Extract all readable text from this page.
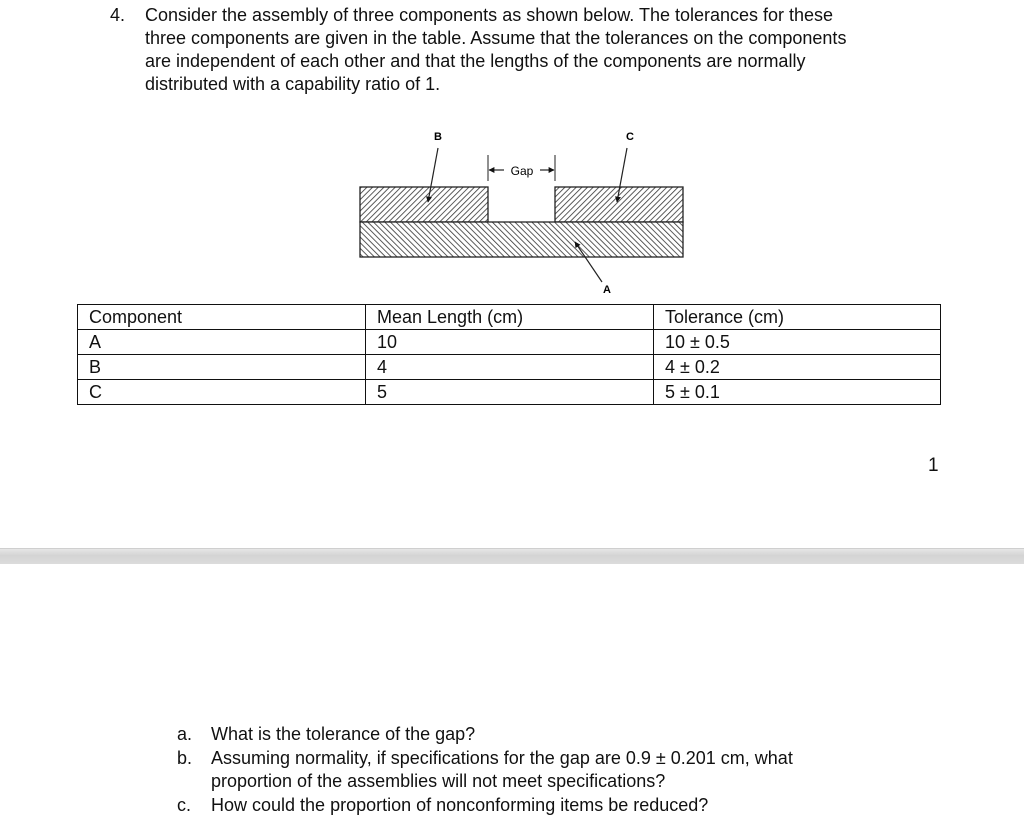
4. Consider the assembly of three components as shown below. The tolerances for these
three components are given in the table. Assume that the tolerances on the components
are independent of each other and that the lengths of the components are normally
distributed with a capability ratio of 1.
B	C
A
Gap
Component	Mean Length (cm)	Tolerance (cm)
A	10	10 ± 0.5
B	4	4 ± 0.2
C	5	5 ± 0.1
1
a. What is the tolerance of the gap?
b. Assuming normality, if specifications for the gap are 0.9 ± 0.201 cm, what
proportion of the assemblies will not meet specifications?
c. How could the proportion of nonconforming items be reduced?
